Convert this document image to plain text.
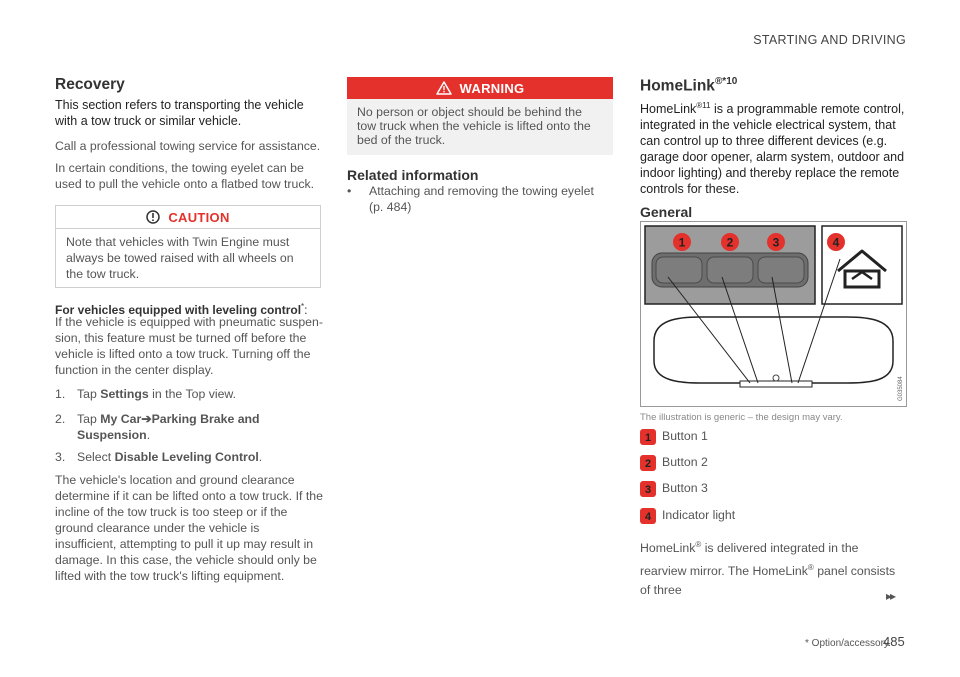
STARTING AND DRIVING
Recovery
This section refers to transporting the vehicle with a tow truck or similar vehicle.
Call a professional towing service for assistance.
In certain conditions, the towing eyelet can be used to pull the vehicle onto a flatbed tow truck.
CAUTION
Note that vehicles with Twin Engine must always be towed raised with all wheels on the tow truck.
For vehicles equipped with leveling control*:
If the vehicle is equipped with pneumatic suspen-sion, this feature must be turned off before the vehicle is lifted onto a tow truck. Turning off the function in the center display.
1. Tap Settings in the Top view.
2. Tap My Car➔Parking Brake and
Suspension.
3. Select Disable Leveling Control.
The vehicle's location and ground clearance determine if it can be lifted onto a tow truck. If the incline of the tow truck is too steep or if the ground clearance under the vehicle is insufficient, attempting to pull it up may result in damage. In this case, the vehicle should only be lifted with the tow truck's lifting equipment.
WARNING
No person or object should be behind the tow truck when the vehicle is lifted onto the bed of the truck.
Related information
•	Attaching and removing the towing eyelet (p. 484)
HomeLink$^{®*10}$
HomeLink$^{®11}$ is a programmable remote control, integrated in the vehicle electrical system, that can control up to three different devices (e.g. garage door opener, alarm system, outdoor and indoor lighting) and thereby replace the remote controls for these.
General
1	2	3	4
G035084
The illustration is generic – the design may vary.
1 Button 1
2 Button 2
3 Button 3
4 Indicator light
HomeLink® is delivered integrated in the rearview mirror. The HomeLink® panel consists of three	▸▸
* Option/accessory.
485
